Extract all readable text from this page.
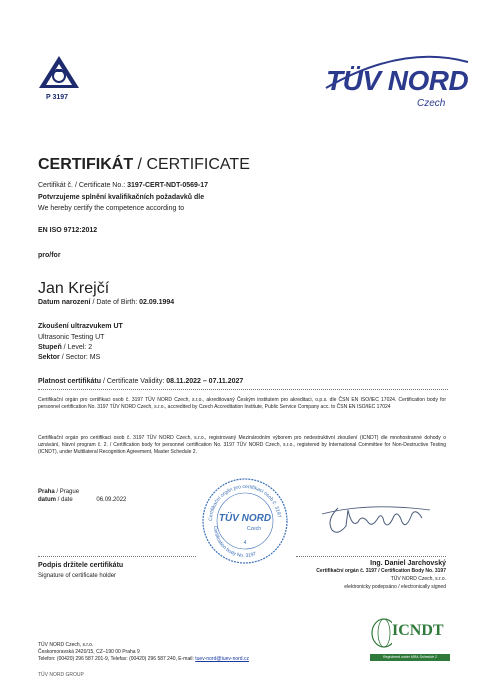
P 3197
TÜV NORD
Czech
CERTIFIKÁT / CERTIFICATE
Certifikát č. / Certificate No.: 3197-CERT-NDT-0569-17
Potvrzujeme splnění kvalifikačních požadavků dle
We hereby certify the competence according to
EN ISO 9712:2012
pro/for
Jan Krejčí
Datum narození / Date of Birth: 02.09.1994
Zkoušení ultrazvukem UT
Ultrasonic Testing UT
Stupeň / Level: 2
Sektor / Sector: MS
Platnost certifikátu / Certificate Validity: 08.11.2022 – 07.11.2027
Certifikační orgán pro certifikaci osob č. 3197 TÜV NORD Czech, s.r.o., akreditovaný Českým institutem pro akreditaci, o.p.s. dle ČSN EN ISO/IEC 17024. Certification body for personnel certification No. 3197 TÜV NORD Czech, s.r.o., accredited by Czech Accreditation Institute, Public Service Company acc. to ČSN EN ISO/IEC 17024
Certifikační orgán pro certifikaci osob č. 3197 TÜV NORD Czech, s.r.o., registrovaný Mezinárodním výborem pro nedestruktivní zkoušení (ICNDT) dle mnohostranné dohody o uznávání, hlavní program č. 2. / Certification body for personnel certification No. 3197 TÜV NORD Czech, s.r.o., registered by International Committee for Non-Destructive Testing (ICNDT), under Multilateral Recognition Agreement, Master Schedule 2.
Praha / Prague
datum / date	06.09.2022
Certifikační orgán pro certifikaci osob č. 3197
Certification body No. 3197
TÜV NORD
Czech
4
Podpis držitele certifikátu
Signature of certificate holder
Ing. Daniel Jarchovský
Certifikační orgán č. 3197 / Certification Body No. 3197
TÜV NORD Czech, s.r.o.
elektronicky podepsáno / electronically signed
ICNDT
Registered under MRA Schedule 2
TÜV NORD Czech, s.r.o.
Českomoravská 2420/15, CZ–190 00 Praha 9
Telefon: (00420) 296 587 201-9, Telefax: (00420) 296 587 240, E-mail: tuev-nord@tuev-nord.cz
TÜV NORD GROUP
